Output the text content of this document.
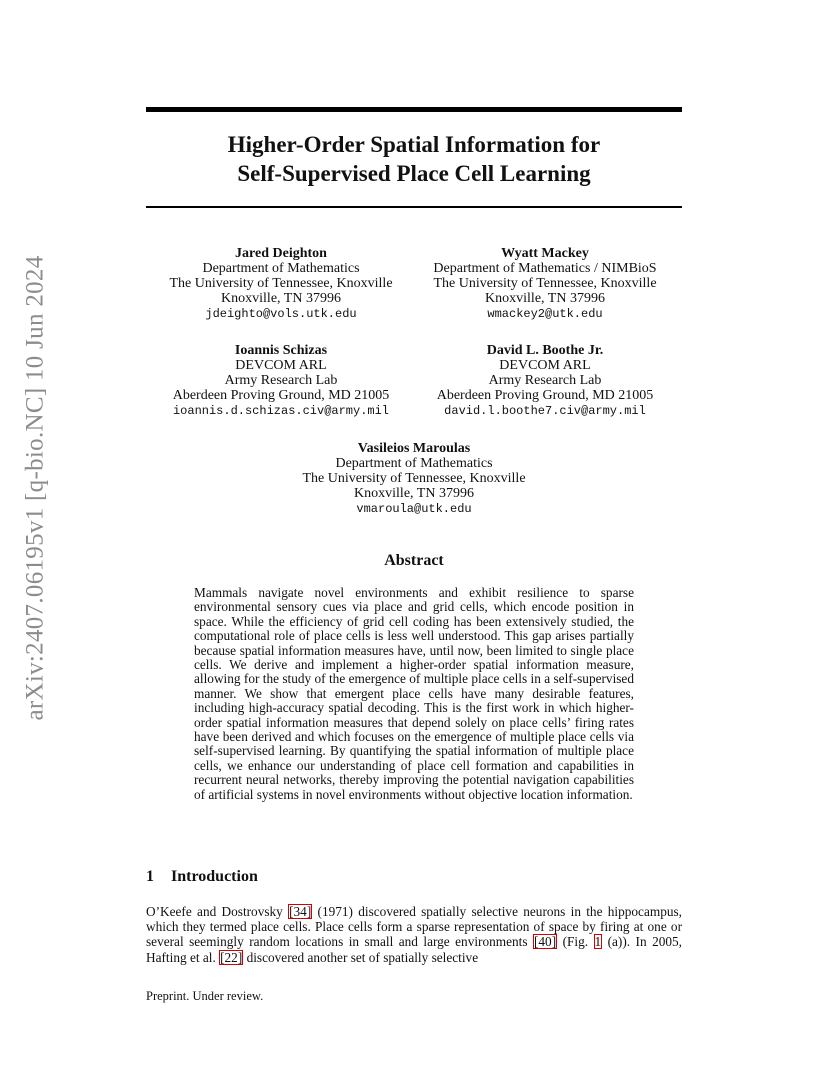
arXiv:2407.06195v1 [q-bio.NC] 10 Jun 2024
Higher-Order Spatial Information for
Self-Supervised Place Cell Learning
Jared Deighton
Department of Mathematics
The University of Tennessee, Knoxville
Knoxville, TN 37996
jdeighto@vols.utk.edu
Wyatt Mackey
Department of Mathematics / NIMBioS
The University of Tennessee, Knoxville
Knoxville, TN 37996
wmackey2@utk.edu
Ioannis Schizas
DEVCOM ARL
Army Research Lab
Aberdeen Proving Ground, MD 21005
ioannis.d.schizas.civ@army.mil
David L. Boothe Jr.
DEVCOM ARL
Army Research Lab
Aberdeen Proving Ground, MD 21005
david.l.boothe7.civ@army.mil
Vasileios Maroulas
Department of Mathematics
The University of Tennessee, Knoxville
Knoxville, TN 37996
vmaroula@utk.edu
Abstract

Mammals navigate novel environments and exhibit resilience to sparse environmental sensory cues via place and grid cells, which encode position in space. While the efficiency of grid cell coding has been extensively studied, the computational role of place cells is less well understood. This gap arises partially because spatial information measures have, until now, been limited to single place cells. We derive and implement a higher-order spatial information measure, allowing for the study of the emergence of multiple place cells in a self-supervised manner. We show that emergent place cells have many desirable features, including high-accuracy spatial decoding. This is the first work in which higher-order spatial information measures that depend solely on place cells’ firing rates have been derived and which focuses on the emergence of multiple place cells via self-supervised learning. By quantifying the spatial information of multiple place cells, we enhance our understanding of place cell formation and capabilities in recurrent neural networks, thereby improving the potential navigation capabilities of artificial systems in novel environments without objective location information.

1 Introduction

O’Keefe and Dostrovsky [34] (1971) discovered spatially selective neurons in the hippocampus, which they termed place cells. Place cells form a sparse representation of space by firing at one or several seemingly random locations in small and large environments [40] (Fig. 1 (a)). In 2005, Hafting et al. [22] discovered another set of spatially selective

Preprint. Under review.
